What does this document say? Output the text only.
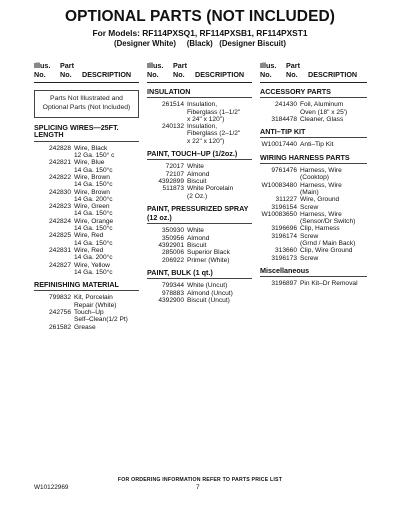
OPTIONAL PARTS (NOT INCLUDED)
For Models: RF114PXSQ1, RF114PXSB1, RF114PXST1
(Designer White)     (Black)   (Designer Biscuit)
Illus. Part
No. No. DESCRIPTION
Illus. Part
No. No. DESCRIPTION
Illus. Part
No. No. DESCRIPTION
Parts Not Illustrated and Optional Parts (Not Included)
SPLICING WIRES—25FT. LENGTH
242828 Wire, Black
12 Ga. 150° c
242821 Wire, Blue
14 Ga. 150°c
242822 Wire, Brown
14 Ga. 150°c
242830 Wire, Brown
14 Ga. 200°c
242823 Wire, Green
14 Ga. 150°c
242824 Wire, Orange
14 Ga. 150°c
242825 Wire, Red
14 Ga. 150°c
242831 Wire, Red
14 Ga. 200°c
242827 Wire, Yellow
14 Ga. 150°c
REFINISHING MATERIAL
799832 Kit, Porcelain
Repair (White)
242756 Touch–Up
Self–Clean(1/2 Pt)
261582 Grease
INSULATION
261514 Insulation,
Fiberglass (1–1/2"
x 24" x 120")
240132 Insulation,
Fiberglass (2–1/2"
x 22" x 120")
PAINT, TOUCH–UP (1/2oz.)
72017 White
72107 Almond
4392899 Biscuit
511873 White Porcelain
(2 Oz.)
PAINT, PRESSURIZED SPRAY
(12 oz.)
350930 White
350956 Almond
4392901 Biscuit
285006 Superior Black
206922 Primer (White)
PAINT, BULK (1 qt.)
799344 White (Uncut)
978883 Almond (Uncut)
4392900 Biscuit (Uncut)
ACCESSORY PARTS
241430 Foil, Aluminum
Oven (18" x 25')
3184478 Cleaner, Glass
ANTI–TIP KIT
W10017440 Anti–Tip Kit
WIRING HARNESS PARTS
9761476 Harness, Wire
(Cooktop)
W10083480 Harness, Wire
(Main)
311227 Wire, Ground
3196154 Screw
W10083650 Harness, Wire
(Sensor/Dr Switch)
3196696 Clip, Harness
3196174 Screw
(Grnd / Main Back)
313660 Clip, Wire Ground
3196173 Screw
Miscellaneous
3196897 Pin Kit–Dr Removal
FOR ORDERING INFORMATION REFER TO PARTS PRICE LIST
W10122969	7
